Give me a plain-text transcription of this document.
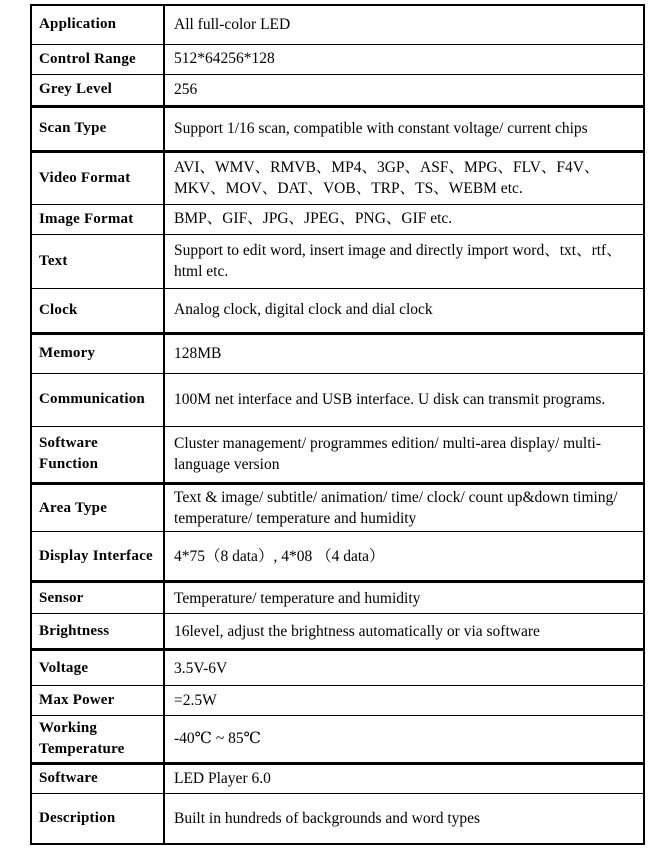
Application	All full-color LED
Control Range	512*64256*128
Grey Level	256
Scan Type	Support 1/16 scan, compatible with constant voltage/ current chips
Video Format	AVI、WMV、RMVB、MP4、3GP、ASF、MPG、FLV、F4V、MKV、MOV、DAT、VOB、TRP、TS、WEBM etc.
Image Format	BMP、GIF、JPG、JPEG、PNG、GIF etc.
Text	Support to edit word, insert image and directly import word、txt、rtf、html etc.
Clock	Analog clock, digital clock and dial clock
Memory	128MB
Communication	100M net interface and USB interface. U disk can transmit programs.
Software Function	Cluster management/ programmes edition/ multi-area display/ multi-language version
Area Type	Text & image/ subtitle/ animation/ time/ clock/ count up&down timing/ temperature/ temperature and humidity
Display Interface	4*75（8 data）, 4*08 （4 data）
Sensor	Temperature/ temperature and humidity
Brightness	16level, adjust the brightness automatically or via software
Voltage	3.5V-6V
Max Power	=2.5W
Working Temperature	-40℃ ~ 85℃
Software	LED Player 6.0
Description	Built in hundreds of backgrounds and word types
